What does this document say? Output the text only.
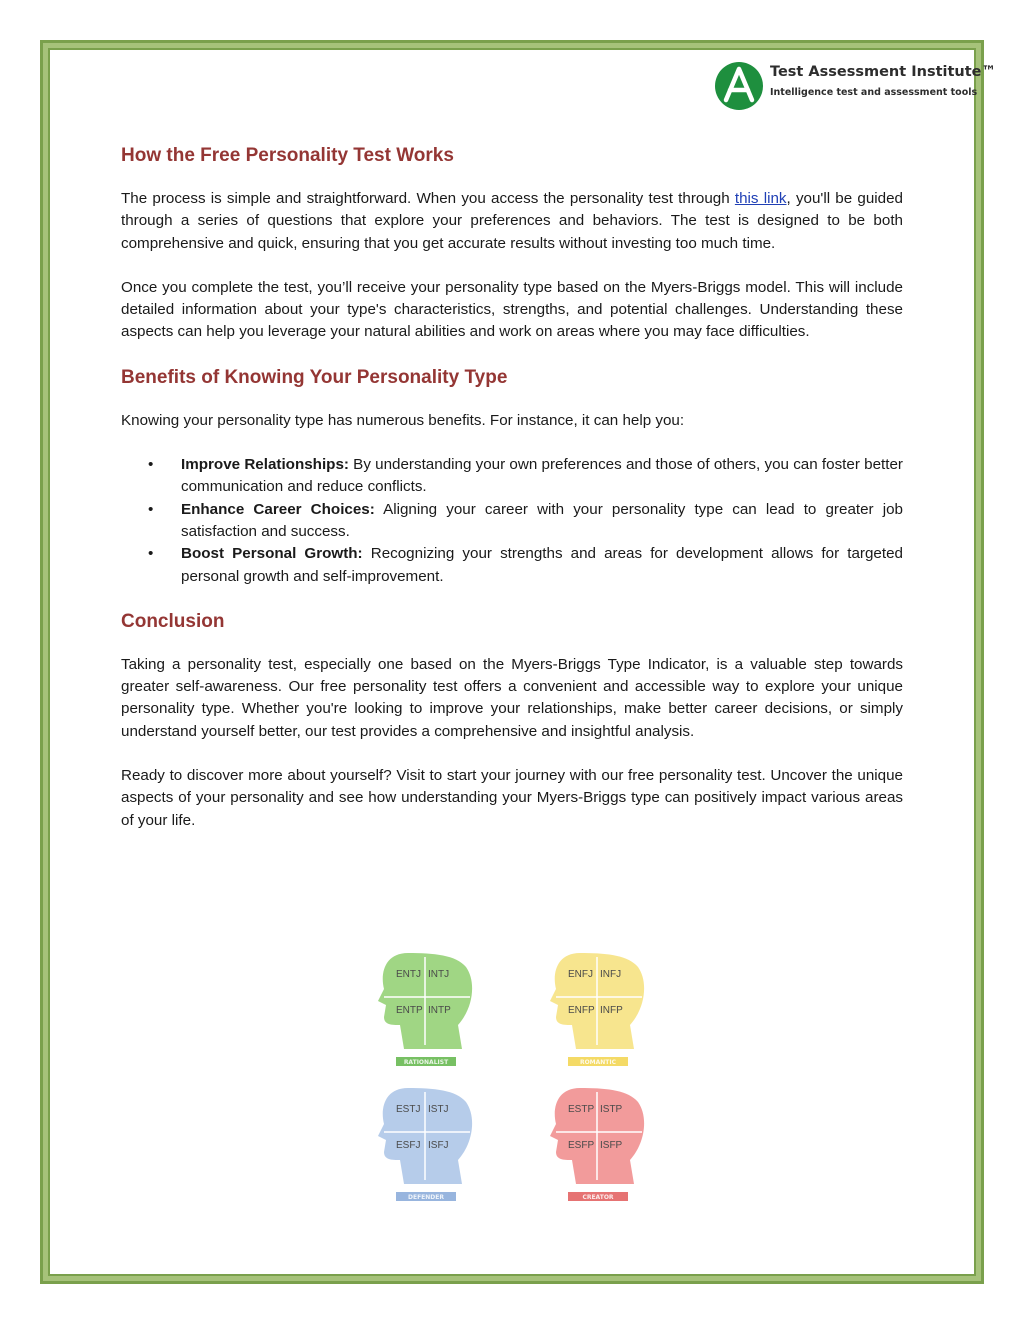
Test Assessment Institute™
Intelligence test and assessment tools
How the Free Personality Test Works

The process is simple and straightforward. When you access the personality test through this link, you'll be guided through a series of questions that explore your preferences and behaviors. The test is designed to be both comprehensive and quick, ensuring that you get accurate results without investing too much time.

Once you complete the test, you’ll receive your personality type based on the Myers-Briggs model. This will include detailed information about your type's characteristics, strengths, and potential challenges. Understanding these aspects can help you leverage your natural abilities and work on areas where you may face difficulties.

Benefits of Knowing Your Personality Type

Knowing your personality type has numerous benefits. For instance, it can help you:

• Improve Relationships: By understanding your own preferences and those of others, you can foster better communication and reduce conflicts.
• Enhance Career Choices: Aligning your career with your personality type can lead to greater job satisfaction and success.
• Boost Personal Growth: Recognizing your strengths and areas for development allows for targeted personal growth and self-improvement.
Conclusion

Taking a personality test, especially one based on the Myers-Briggs Type Indicator, is a valuable step towards greater self-awareness. Our free personality test offers a convenient and accessible way to explore your unique personality type. Whether you're looking to improve your relationships, make better career decisions, or simply understand yourself better, our test provides a comprehensive and insightful analysis.

Ready to discover more about yourself? Visit to start your journey with our free personality test. Uncover the unique aspects of your personality and see how understanding your Myers-Briggs type can positively impact various areas of your life.

ENTJ INTJ
ENTP INTP
RATIONALIST
ENFJ INFJ
ENFP INFP
ROMANTIC
ESTJ ISTJ
ESFJ ISFJ
DEFENDER
ESTP ISTP
ESFP ISFP
CREATOR
